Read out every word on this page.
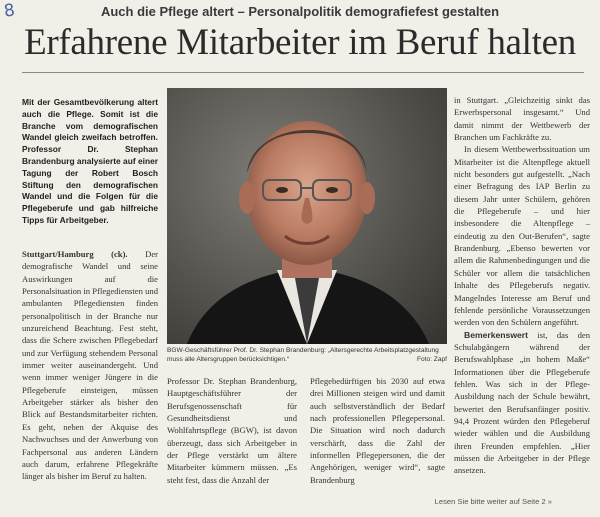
8	Auch die Pflege altert – Personalpolitik demografiefest gestalten
Erfahrene Mitarbeiter im Beruf halten
Mit der Gesamtbevölkerung altert auch die Pflege. Somit ist die Branche vom demografischen Wandel gleich zweifach betroffen. Professor Dr. Stephan Brandenburg analysierte auf einer Tagung der Robert Bosch Stiftung den demografischen Wandel und die Folgen für die Pflegeberufe und gab hilfreiche Tipps für Arbeitgeber.
Stuttgart/Hamburg (ck). Der demografische Wandel und seine Auswirkungen auf die Personalsituation in Pflegediensten und ambulanten Pflegediensten finden personalpolitisch in der Branche nur unzureichend Beachtung. Fest steht, dass die Schere zwischen Pflegebedarf und zur Verfügung stehendem Personal immer weiter auseinandergeht. Und wenn immer weniger Jüngere in die Pflegeberufe einsteigen, müssen Arbeitgeber stärker als bisher den Blick auf Bestandsmitarbeiter richten. Es geht, neben der Akquise des Nachwuchses und der Anwerbung von Fachpersonal aus anderen Ländern auch darum, erfahrene Pflegekräfte länger als bisher im Beruf zu halten.
BGW-Geschäftsführer Prof. Dr. Stephan Brandenburg: „Altersgerechte Arbeitsplatzgestaltung muss alle Altersgruppen berücksichtigen.“	Foto: Zapf
Professor Dr. Stephan Brandenburg, Hauptgeschäftsführer der Berufsgenossenschaft für Gesundheitsdienst und Wohlfahrtspflege (BGW), ist davon überzeugt, dass sich Arbeitgeber in der Pflege verstärkt um ältere Mitarbeiter kümmern müssen. „Es steht fest, dass die Anzahl der
Pflegebedürftigen bis 2030 auf etwa drei Millionen steigen wird und damit auch selbstverständlich der Bedarf nach professionellen Pflegepersonal. Die Situation wird noch dadurch verschärft, dass die Zahl der informellen Pflegepersonen, die der Angehörigen, weniger wird“, sagte Brandenburg
in Stuttgart. „Gleichzeitig sinkt das Erwerbspersonal insgesamt.“ Und damit nimmt der Wettbewerb der Branchen um Fachkräfte zu.
In diesem Wettbewerbssituation um Mitarbeiter ist die Altenpflege aktuell nicht besonders gut aufgestellt. „Nach einer Befragung des IAP Berlin zu diesem Jahr unter Schülern, gehören die Pflegeberufe – und hier insbesondere die Altenpflege – eindeutig zu den Out-Berufen“, sagte Brandenburg. „Ebenso bewerten vor allem die Rahmenbedingungen und die Schüler vor allem die tatsächlichen Inhalte des Pflegeberufs negativ. Mangelndes Interesse am Beruf und fehlende persönliche Voraussetzungen werden von den Schülern angeführt.
Bemerkenswert ist, das den Schulabgängern während der Berufswahlphase „in hohem Maße“ Informationen über die Pflegeberufe fehlen. Was sich in der Pflege-Ausbildung nach der Schule bewährt, bewertet den Berufsanfänger positiv. 94,4 Prozent würden den Pflegeberuf wieder wählen und die Ausbildung ihren Freunden empfehlen. „Hier müssen die Arbeitgeber in der Pflege ansetzen.
Lesen Sie bitte weiter auf Seite 2 »
